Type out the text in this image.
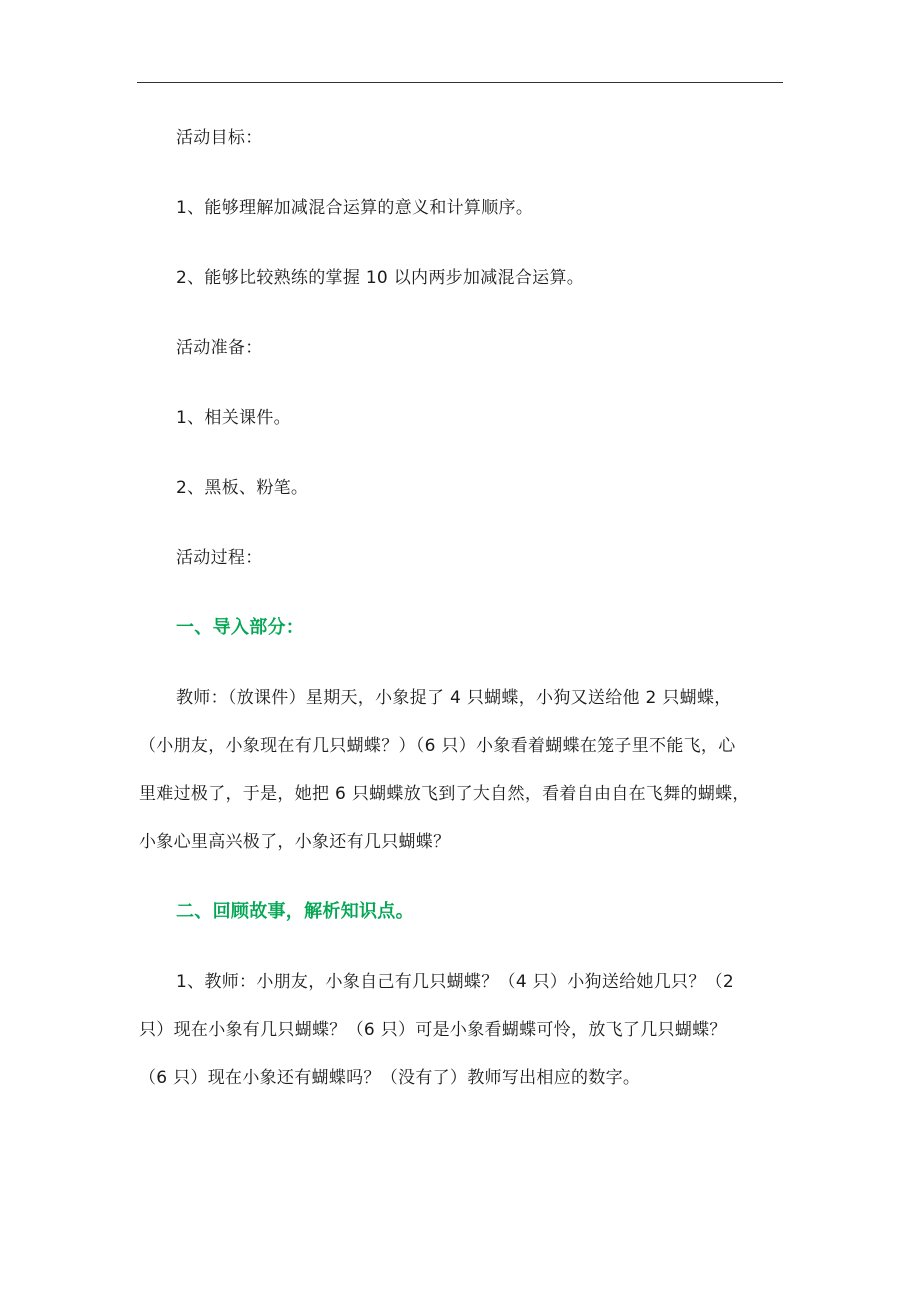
活动目标：
1、能够理解加减混合运算的意义和计算顺序。
2、能够比较熟练的掌握 10 以内两步加减混合运算。
活动准备：
1、相关课件。
2、黑板、粉笔。
活动过程：
一、导入部分：
教师：（放课件）星期天，小象捉了 4 只蝴蝶，小狗又送给他 2 只蝴蝶，
（小朋友，小象现在有几只蝴蝶？）（6 只）小象看着蝴蝶在笼子里不能飞，心
里难过极了，于是，她把 6 只蝴蝶放飞到了大自然，看着自由自在飞舞的蝴蝶，
小象心里高兴极了，小象还有几只蝴蝶？
二、回顾故事，解析知识点。
1、教师：小朋友，小象自己有几只蝴蝶？（4 只）小狗送给她几只？（2
只）现在小象有几只蝴蝶？（6 只）可是小象看蝴蝶可怜，放飞了几只蝴蝶？
（6 只）现在小象还有蝴蝶吗？（没有了）教师写出相应的数字。
